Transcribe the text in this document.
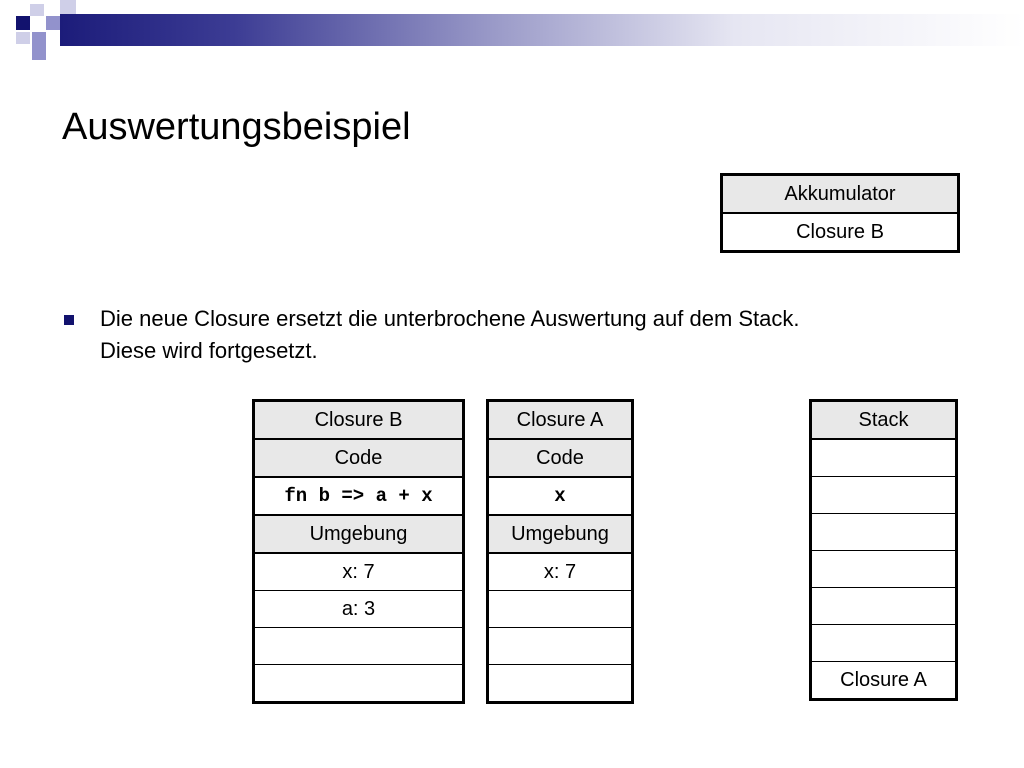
Auswertungsbeispiel
Akkumulator
Closure B
Die neue Closure ersetzt die unterbrochene Auswertung auf dem Stack.
Diese wird fortgesetzt.
Closure B
Code
fn b => a + x
Umgebung
x: 7
a: 3

Closure A
Code
x
Umgebung
x: 7

Stack

Closure A
